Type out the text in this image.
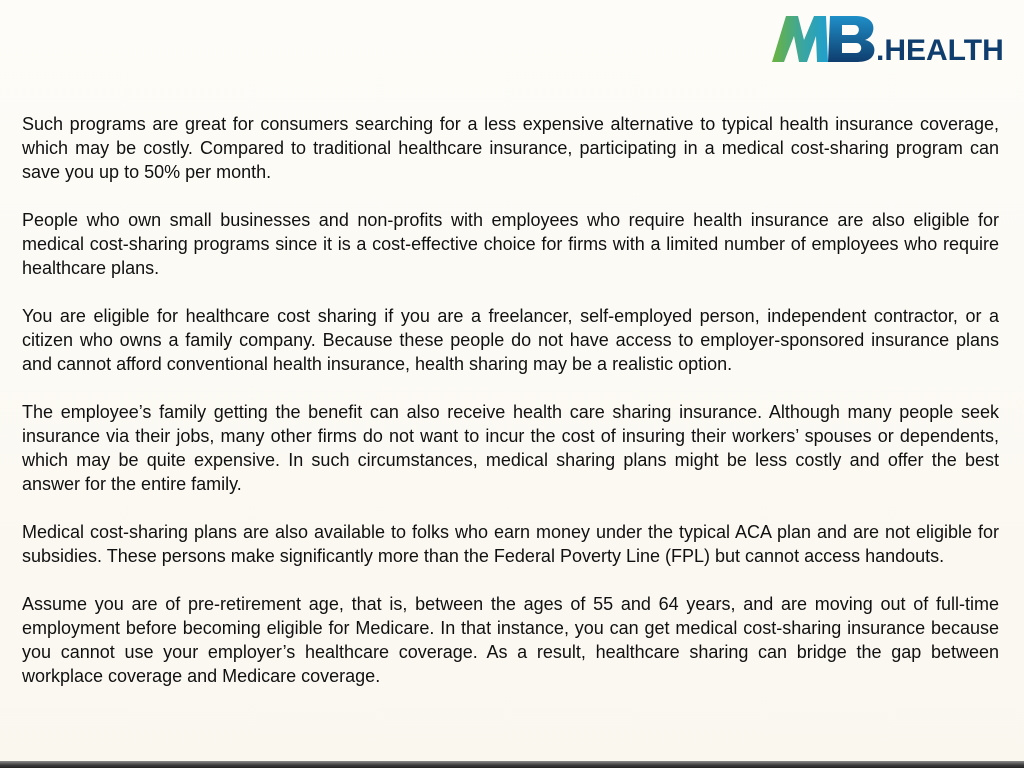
.HEALTH

Such programs are great for consumers searching for a less expensive alternative to typical health insurance coverage, which may be costly. Compared to traditional healthcare insurance, participating in a medical cost-sharing program can save you up to 50% per month.

People who own small businesses and non-profits with employees who require health insurance are also eligible for medical cost-sharing programs since it is a cost-effective choice for firms with a limited number of employees who require healthcare plans.

You are eligible for healthcare cost sharing if you are a freelancer, self-employed person, independent contractor, or a citizen who owns a family company. Because these people do not have access to employer-sponsored insurance plans and cannot afford conventional health insurance, health sharing may be a realistic option.

The employee’s family getting the benefit can also receive health care sharing insurance. Although many people seek insurance via their jobs, many other firms do not want to incur the cost of insuring their workers’ spouses or dependents, which may be quite expensive. In such circumstances, medical sharing plans might be less costly and offer the best answer for the entire family.

Medical cost-sharing plans are also available to folks who earn money under the typical ACA plan and are not eligible for subsidies. These persons make significantly more than the Federal Poverty Line (FPL) but cannot access handouts.

Assume you are of pre-retirement age, that is, between the ages of 55 and 64 years, and are moving out of full-time employment before becoming eligible for Medicare. In that instance, you can get medical cost-sharing insurance because you cannot use your employer’s healthcare coverage. As a result, healthcare sharing can bridge the gap between workplace coverage and Medicare coverage.
